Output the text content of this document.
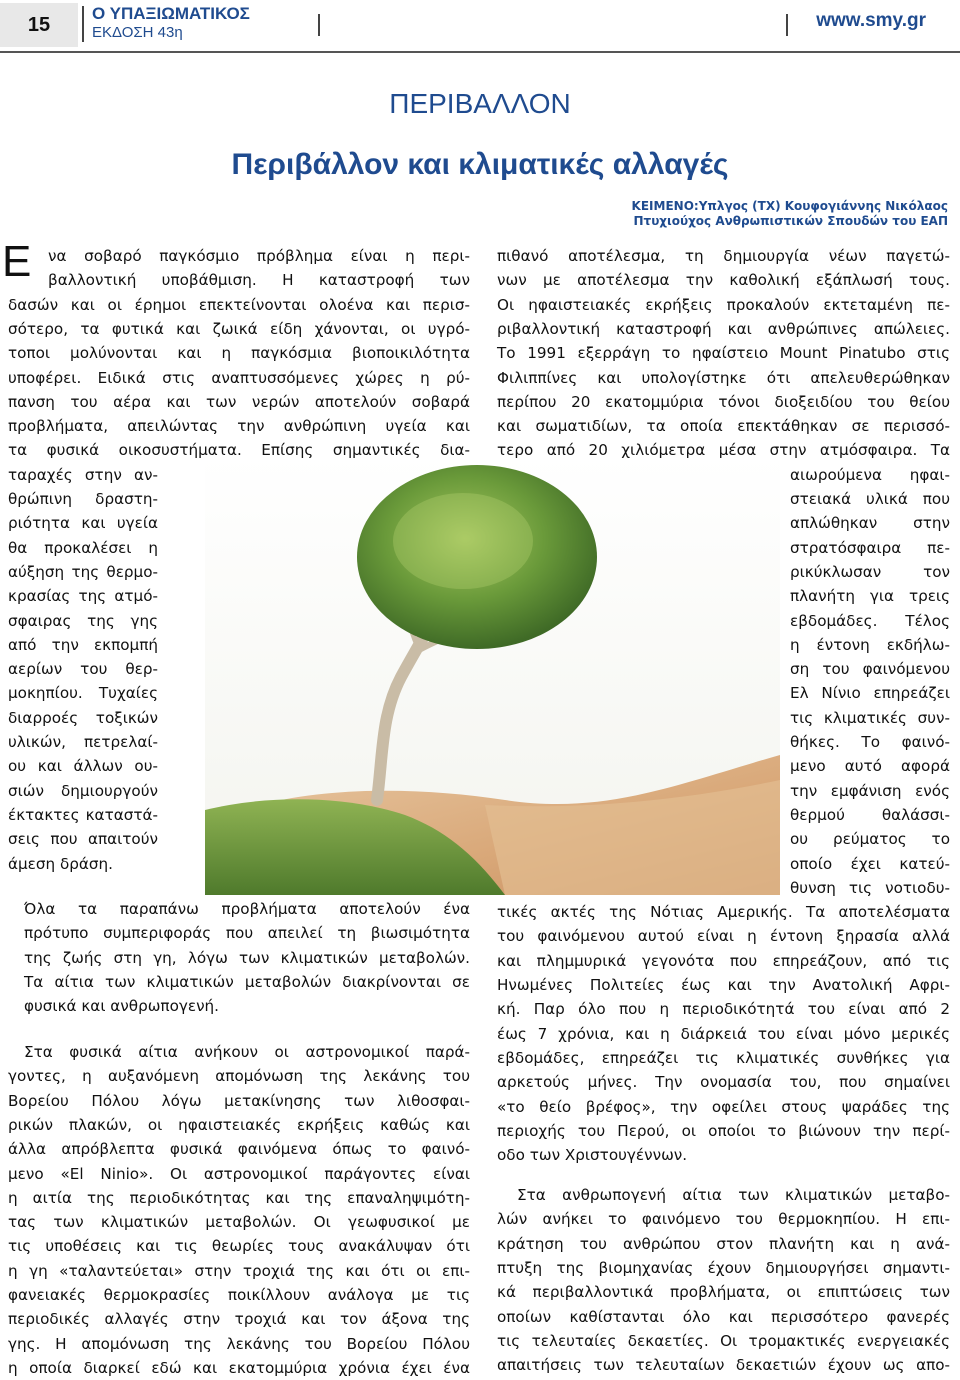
15	Ο ΥΠΑΞΙΩΜΑΤΙΚΟΣ
ΕΚΔΟΣΗ 43η
www.smy.gr
ΠΕΡΙΒΑΛΛΟΝ
Περιβάλλον και κλιματικές αλλαγές
ΚΕΙΜΕΝΟ:Υπλγος (ΤΧ) Κουφογιάννης Νικόλαος
Πτυχιούχος Ανθρωπιστικών Σπουδών του ΕΑΠ
Ε να σοβαρό παγκόσμιο πρόβλημα είναι η περι-
βαλλοντική υποβάθμιση. Η καταστροφή των
δασών και οι έρημοι επεκτείνονται ολοένα και περισ-
σότερο, τα φυτικά και ζωικά είδη χάνονται, οι υγρό-
τοποι μολύνονται και η παγκόσμια βιοποικιλότητα
υποφέρει. Ειδικά στις αναπτυσσόμενες χώρες η ρύ-
πανση του αέρα και των νερών αποτελούν σοβαρά
προβλήματα, απειλώντας την ανθρώπινη υγεία και
τα φυσικά οικοσυστήματα. Επίσης σημαντικές δια-
ταραχές στην αν-
θρώπινη δραστη-
ριότητα και υγεία
θα προκαλέσει η
αύξηση της θερμο-
κρασίας της ατμό-
σφαιρας της γης
από την εκπομπή
αερίων του θερ-
μοκηπίου. Τυχαίες
διαρροές τοξικών
υλικών, πετρελαί-
ου και άλλων ου-
σιών δημιουργούν
έκτακτες καταστά-
σεις που απαιτούν
άμεση δράση.
Όλα τα παραπάνω προβλήματα αποτελούν ένα
πρότυπο συμπεριφοράς που απειλεί τη βιωσιμότητα
της ζωής στη γη, λόγω των κλιματικών μεταβολών.
Τα αίτια των κλιματικών μεταβολών διακρίνονται σε
φυσικά και ανθρωπογενή.
Στα φυσικά αίτια ανήκουν οι αστρονομικοί παρά-
γοντες, η αυξανόμενη απομόνωση της λεκάνης του
Βορείου Πόλου λόγω μετακίνησης των λιθοσφαι-
ρικών πλακών, οι ηφαιστειακές εκρήξεις καθώς και
άλλα απρόβλεπτα φυσικά φαινόμενα όπως το φαινό-
μενο «El Ninio». Οι αστρονομικοί παράγοντες είναι
η αιτία της περιοδικότητας και της επαναληψιμότη-
τας των κλιματικών μεταβολών. Οι γεωφυσικοί με
τις υποθέσεις και τις θεωρίες τους ανακάλυψαν ότι
η γη «ταλαντεύεται» στην τροχιά της και ότι οι επι-
φανειακές θερμοκρασίες ποικίλλουν ανάλογα με τις
περιοδικές αλλαγές στην τροχιά και τον άξονα της
γης. Η απομόνωση της λεκάνης του Βορείου Πόλου
η οποία διαρκεί εδώ και εκατομμύρια χρόνια έχει ένα
πιθανό αποτέλεσμα, τη δημιουργία νέων παγετώ-
νων με αποτέλεσμα την καθολική εξάπλωσή τους.
Οι ηφαιστειακές εκρήξεις προκαλούν εκτεταμένη πε-
ριβαλλοντική καταστροφή και ανθρώπινες απώλειες.
Το 1991 εξερράγη το ηφαίστειο Mount Pinatubo στις
Φιλιππίνες και υπολογίστηκε ότι απελευθερώθηκαν
περίπου 20 εκατομμύρια τόνοι διοξειδίου του θείου
και σωματιδίων, τα οποία επεκτάθηκαν σε περισσό-
τερο από 20 χιλιόμετρα μέσα στην ατμόσφαιρα. Τα
αιωρούμενα ηφαι-
στειακά υλικά που
απλώθηκαν στην
στρατόσφαιρα πε-
ρικύκλωσαν τον
πλανήτη για τρεις
εβδομάδες. Τέλος
η έντονη εκδήλω-
ση του φαινόμενου
Ελ Νίνιο επηρεάζει
τις κλιματικές συν-
θήκες. Το φαινό-
μενο αυτό αφορά
την εμφάνιση ενός
θερμού θαλάσσι-
ου ρεύματος το
οποίο έχει κατεύ-
θυνση τις νοτιοδυ-
τικές ακτές της Νότιας Αμερικής. Τα αποτελέσματα
του φαινόμενου αυτού είναι η έντονη ξηρασία αλλά
και πλημμυρικά γεγονότα που επηρεάζουν, από τις
Ηνωμένες Πολιτείες έως και την Ανατολική Αφρι-
κή. Παρ όλο που η περιοδικότητά του είναι από 2
έως 7 χρόνια, και η διάρκειά του είναι μόνο μερικές
εβδομάδες, επηρεάζει τις κλιματικές συνθήκες για
αρκετούς μήνες. Την ονομασία του, που σημαίνει
«το θείο βρέφος», την οφείλει στους ψαράδες της
περιοχής του Περού, οι οποίοι το βιώνουν την περί-
οδο των Χριστουγέννων.
Στα ανθρωπογενή αίτια των κλιματικών μεταβο-
λών ανήκει το φαινόμενο του θερμοκηπίου. Η επι-
κράτηση του ανθρώπου στον πλανήτη και η ανά-
πτυξη της βιομηχανίας έχουν δημιουργήσει σημαντι-
κά περιβαλλοντικά προβλήματα, οι επιπτώσεις των
οποίων καθίστανται όλο και περισσότερο φανερές
τις τελευταίες δεκαετίες. Οι τρομακτικές ενεργειακές
απαιτήσεις των τελευταίων δεκαετιών έχουν ως απο-
